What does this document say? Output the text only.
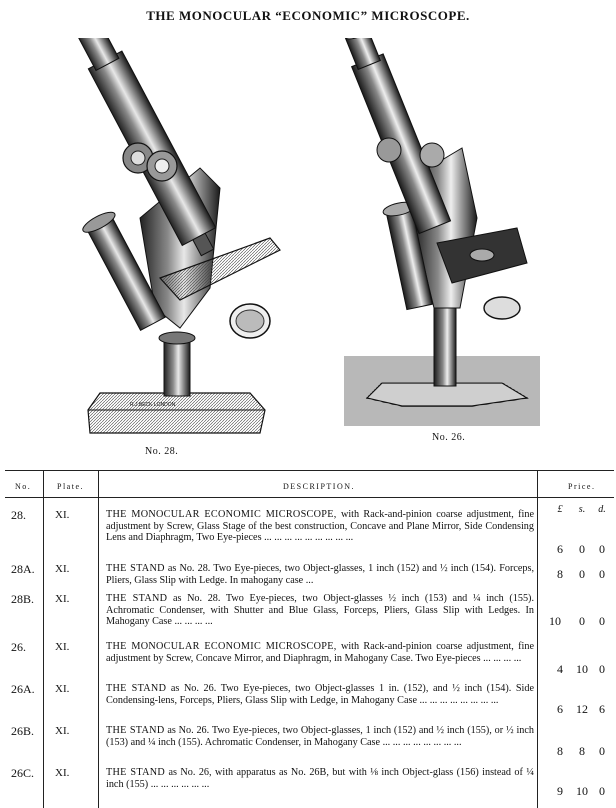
THE MONOCULAR “ECONOMIC” MICROSCOPE.
R.J.BECK LONDON
No. 28.
No. 26.
No.	Plate.	DESCRIPTION.	Price.
£	s.	d.
28.	XI.	THE MONOCULAR ECONOMIC MICROSCOPE, with Rack-and-pinion coarse adjustment, fine adjustment by Screw, Glass Stage of the best construction, Concave and Plane Mirror, Side Condensing Lens and Diaphragm, Two Eye-pieces ... ... ... ... ... ... ... ... ...
6	0	0
28A. XI.	THE STAND as No. 28. Two Eye-pieces, two Object-glasses, 1 inch (152) and ½ inch (154). Forceps, Pliers, Glass Slip with Ledge. In mahogany case ...	8	0	0
28B. XI.	THE STAND as No. 28. Two Eye-pieces, two Object-glasses ½ inch (153) and ¼ inch (155). Achromatic Condenser, with Shutter and Blue Glass, Forceps, Pliers, Glass Slip with Ledges. In Mahogany Case ... ... ... ...	10	0	0
26.	XI.	THE MONOCULAR ECONOMIC MICROSCOPE, with Rack-and-pinion coarse adjustment, fine adjustment by Screw, Concave Mirror, and Diaphragm, in Mahogany Case. Two Eye-pieces ... ... ... ...
4	10 0
26A. XI.	THE STAND as No. 26. Two Eye-pieces, two Object-glasses 1 in. (152), and ½ inch (154). Side Condensing-lens, Forceps, Pliers, Glass Slip with Ledge, in Mahogany Case ... ... ... ... ... ... ... ...
6	12 6
26B. XI.	THE STAND as No. 26. Two Eye-pieces, two Object-glasses, 1 inch (152) and ½ inch (155), or ½ inch (153) and ¼ inch (155). Achromatic Condenser, in Mahogany Case ... ... ... ... ... ... ... ...
8	8	0
26C. XI.	THE STAND as No. 26, with apparatus as No. 26B, but with ⅛ inch Object-glass (156) instead of ¼ inch (155) ... ... ... ... ... ...	9	10 0
